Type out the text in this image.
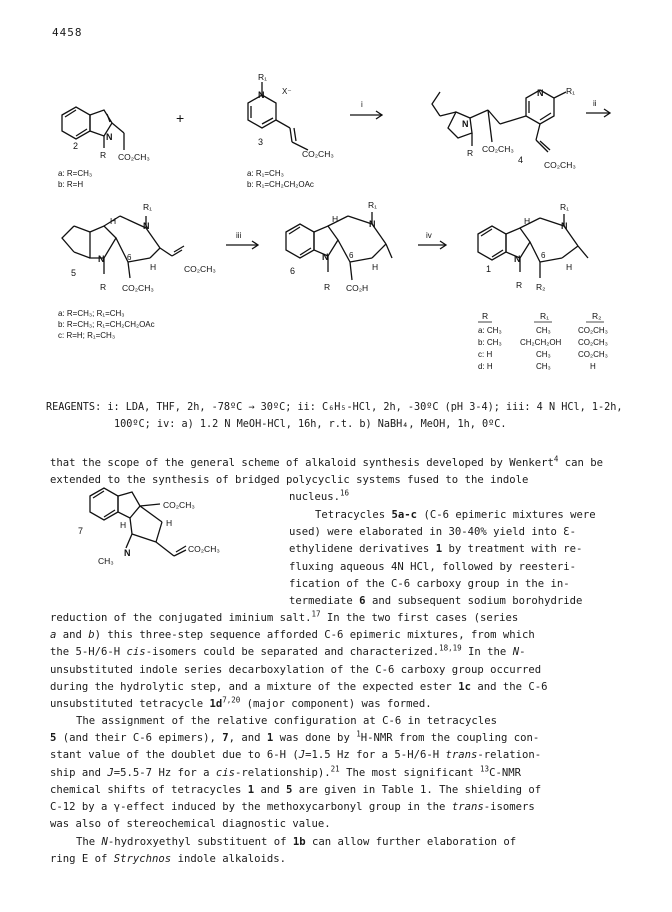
4458
N
2
R CO₂CH₃
a: R=CH₃
b: R=H
+
R₁
N X⁻
3
CO₂CH₃
a: R₁=CH₃
b: R₁=CH₂CH₂OAc
i
N
N	R₁
R CO₂CH₃
4 CO₂CH₃
ii
R₁
N
H
N	6
H
5
R CO₂CH₃
CO₂CH₃
a: R=CH₃; R₁=CH₃
b: R=CH₃; R₁=CH₂CH₂OAc
c: R=H; R₁=CH₃
iii
R₁
N
H
N	6
H
6
R CO₂H
iv
R₁
N
H
N	6
H
1
R R₂
R	R₁	R₂
a: CH₃	CH₃	CO₂CH₃
b: CH₃ CH₂CH₂OH CO₂CH₃
c: H	CH₃	CO₂CH₃
d: H	CH₃	H
REAGENTS: i: LDA, THF, 2h, -78ºC → 30ºC; ii: C₆H₅-HCl, 2h, -30ºC (pH 3-4); iii: 4 N HCl, 1-2h,
100ºC; iv: a) 1.2 N MeOH-HCl, 16h, r.t. b) NaBH₄, MeOH, 1h, 0ºC.
that the scope of the general scheme of alkaloid synthesis developed by Wenkert$^4$ can be
extended to the synthesis of bridged polycyclic systems fused to the indole
nucleus.$^{16}$
7
CO₂CH₃
H	H
N
CH₃
CO₂CH₃
Tetracycles 5a-c (C-6 epimeric mixtures were
used) were elaborated in 30-40% yield into Ɛ-
ethylidene derivatives 1 by treatment with re-
fluxing aqueous 4N HCl, followed by reesteri-
fication of the C-6 carboxy group in the in-
termediate 6 and subsequent sodium borohydride
reduction of the conjugated iminium salt.$^{17}$ In the two first cases (series
a and b) this three-step sequence afforded C-6 epimeric mixtures, from which
the 5-H/6-H cis-isomers could be separated and characterized.$^{18,19}$ In the N-
unsubstituted indole series decarboxylation of the C-6 carboxy group occurred
during the hydrolytic step, and a mixture of the expected ester 1c and the C-6
unsubstituted tetracycle $1d^{7,20}$ (major component) was formed.
The assignment of the relative configuration at C-6 in tetracycles
5 (and their C-6 epimers), 7, and 1 was done by $^1$H-NMR from the coupling con-
stant value of the doublet due to 6-H (J=1.5 Hz for a 5-H/6-H trans-relation-
ship and J=5.5-7 Hz for a cis-relationship).$^{21}$ The most significant $^{13}$C-NMR
chemical shifts of tetracycles 1 and 5 are given in Table 1. The shielding of
C-12 by a γ-effect induced by the methoxycarbonyl group in the trans-isomers
was also of stereochemical diagnostic value.
The N-hydroxyethyl substituent of 1b can allow further elaboration of
ring E of Strychnos indole alkaloids.
